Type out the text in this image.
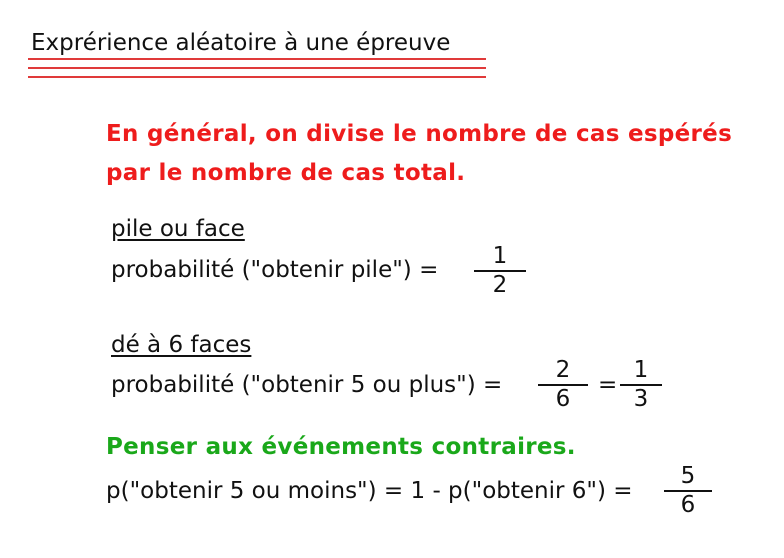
Exprérience aléatoire à une épreuve
En général, on divise le nombre de cas espérés
par le nombre de cas total.
pile ou face
probabilité ("obtenir pile") =
1
2
dé à 6 faces
probabilité ("obtenir 5 ou plus") =
2
6
=
1
3
Penser aux événements contraires.
p("obtenir 5 ou moins") = 1 - p("obtenir 6") =
5
6
